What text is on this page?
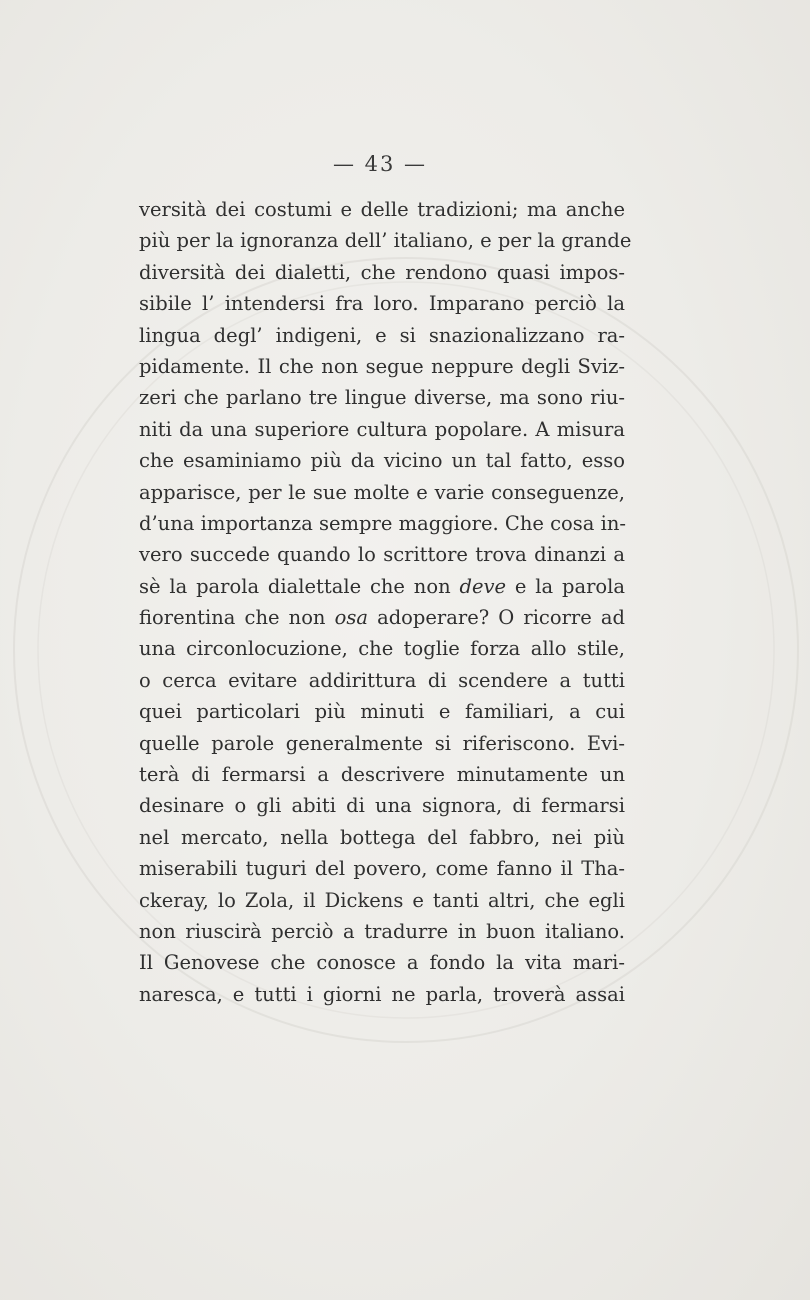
— 43 —
versità dei costumi e delle tradizioni; ma anche
più per la ignoranza dell’ italiano, e per la grande
diversità dei dialetti, che rendono quasi impos-
sibile l’ intendersi fra loro. Imparano perciò la
lingua degl’ indigeni, e si snazionalizzano ra-
pidamente. Il che non segue neppure degli Sviz-
zeri che parlano tre lingue diverse, ma sono riu-
niti da una superiore cultura popolare. A misura
che esaminiamo più da vicino un tal fatto, esso
apparisce, per le sue molte e varie conseguenze,
d’una importanza sempre maggiore. Che cosa in-
vero succede quando lo scrittore trova dinanzi a
sè la parola dialettale che non deve e la parola
fiorentina che non osa adoperare? O ricorre ad
una circonlocuzione, che toglie forza allo stile,
o cerca evitare addirittura di scendere a tutti
quei particolari più minuti e familiari, a cui
quelle parole generalmente si riferiscono. Evi-
terà di fermarsi a descrivere minutamente un
desinare o gli abiti di una signora, di fermarsi
nel mercato, nella bottega del fabbro, nei più
miserabili tuguri del povero, come fanno il Tha-
ckeray, lo Zola, il Dickens e tanti altri, che egli
non riuscirà perciò a tradurre in buon italiano.
Il Genovese che conosce a fondo la vita mari-
naresca, e tutti i giorni ne parla, troverà assai
